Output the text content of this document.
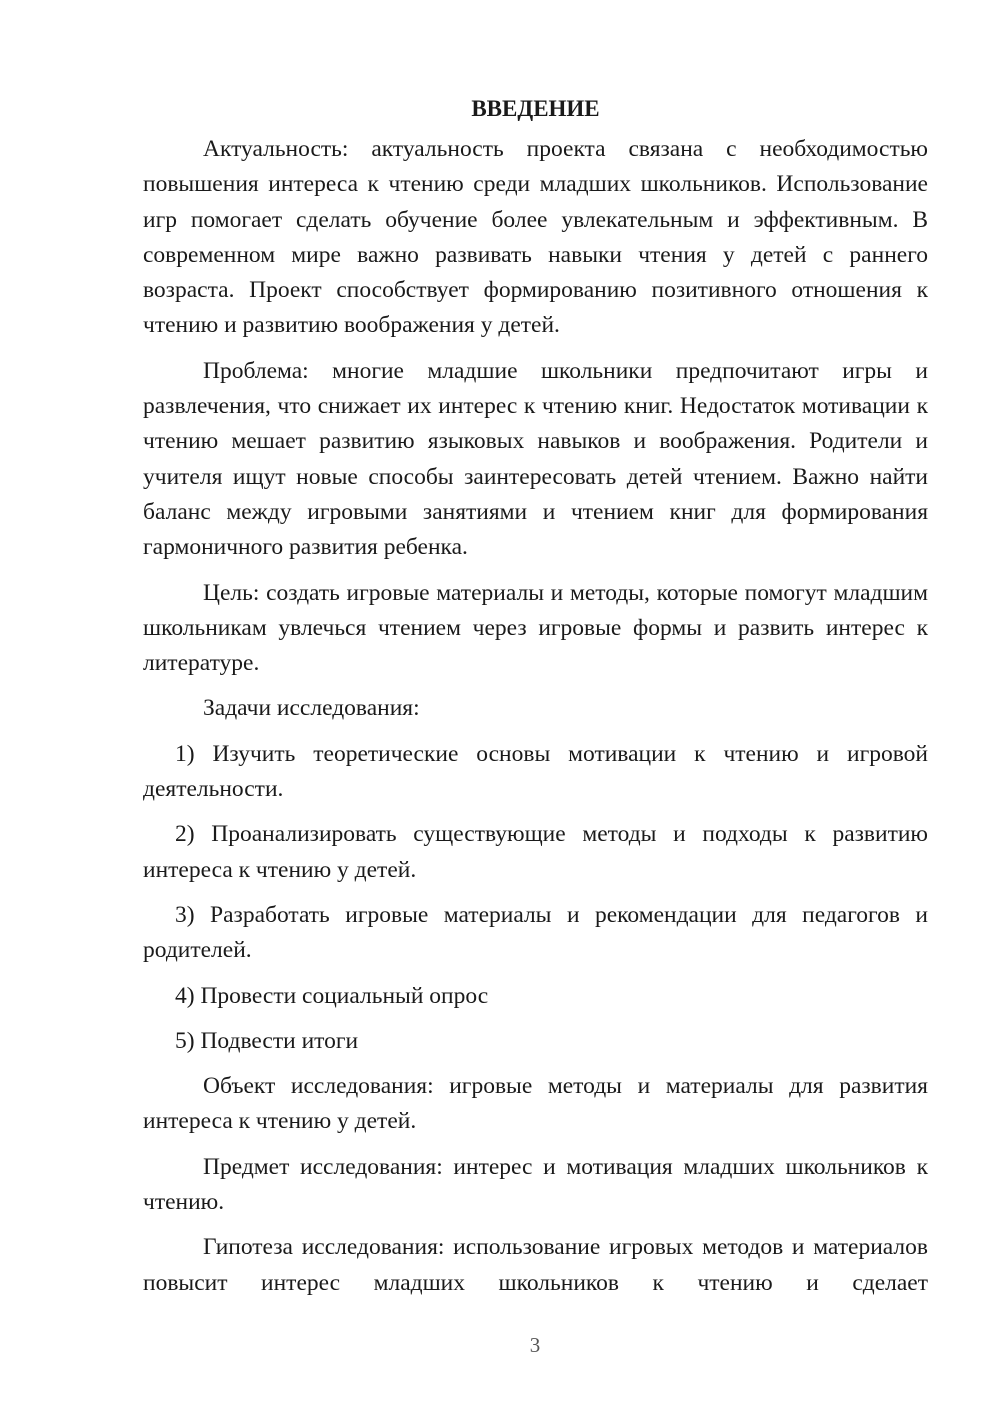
ВВЕДЕНИЕ

Актуальность: актуальность проекта связана с необходимостью повышения интереса к чтению среди младших школьников. Использование игр помогает сделать обучение более увлекательным и эффективным. В современном мире важно развивать навыки чтения у детей с раннего возраста. Проект способствует формированию позитивного отношения к чтению и развитию воображения у детей.

Проблема: многие младшие школьники предпочитают игры и развлечения, что снижает их интерес к чтению книг. Недостаток мотивации к чтению мешает развитию языковых навыков и воображения. Родители и учителя ищут новые способы заинтересовать детей чтением. Важно найти баланс между игровыми занятиями и чтением книг для формирования гармоничного развития ребенка.

Цель: создать игровые материалы и методы, которые помогут младшим школьникам увлечься чтением через игровые формы и развить интерес к литературе.

Задачи исследования:

1) Изучить теоретические основы мотивации к чтению и игровой деятельности.

2) Проанализировать существующие методы и подходы к развитию интереса к чтению у детей.

3) Разработать игровые материалы и рекомендации для педагогов и родителей.

4) Провести социальный опрос

5) Подвести итоги

Объект исследования: игровые методы и материалы для развития интереса к чтению у детей.

Предмет исследования: интерес и мотивация младших школьников к чтению.

Гипотеза исследования: использование игровых методов и материалов повысит интерес младших школьников к чтению и сделает

3
